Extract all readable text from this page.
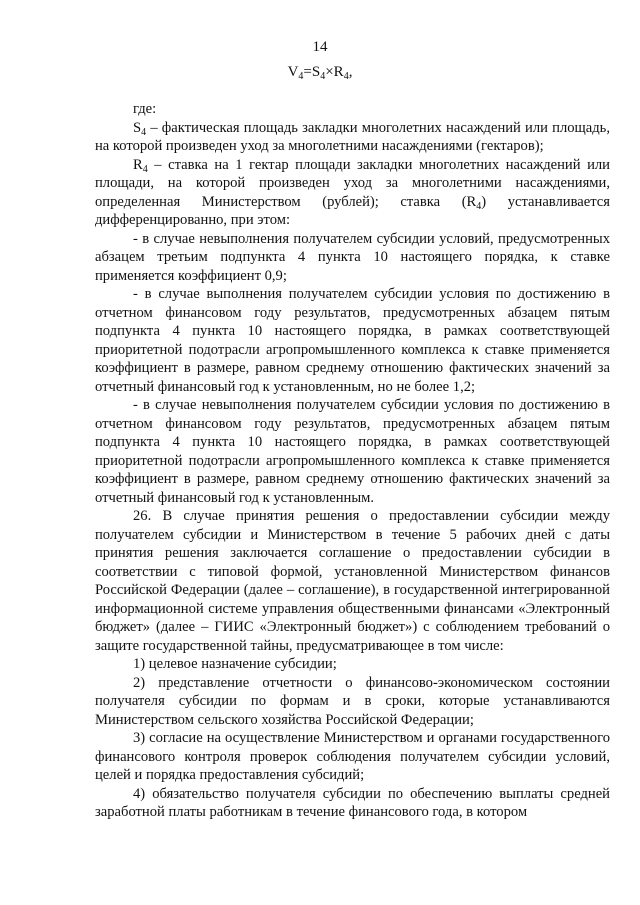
14
$V_4=S_4\times R_4$,

где:

$S_4$ – фактическая площадь закладки многолетних насаждений или площадь, на которой произведен уход за многолетними насаждениями (гектаров);

$R_4$ – ставка на 1 гектар площади закладки многолетних насаждений или площади, на которой произведен уход за многолетними насаждениями, определенная Министерством (рублей); ставка $(R_4)$ устанавливается дифференцированно, при этом:

- в случае невыполнения получателем субсидии условий, предусмотренных абзацем третьим подпункта 4 пункта 10 настоящего порядка, к ставке применяется коэффициент 0,9;

- в случае выполнения получателем субсидии условия по достижению в отчетном финансовом году результатов, предусмотренных абзацем пятым подпункта 4 пункта 10 настоящего порядка, в рамках соответствующей приоритетной подотрасли агропромышленного комплекса к ставке применяется коэффициент в размере, равном среднему отношению фактических значений за отчетный финансовый год к установленным, но не более 1,2;

- в случае невыполнения получателем субсидии условия по достижению в отчетном финансовом году результатов, предусмотренных абзацем пятым подпункта 4 пункта 10 настоящего порядка, в рамках соответствующей приоритетной подотрасли агропромышленного комплекса к ставке применяется коэффициент в размере, равном среднему отношению фактических значений за отчетный финансовый год к установленным.

26. В случае принятия решения о предоставлении субсидии между получателем субсидии и Министерством в течение 5 рабочих дней с даты принятия решения заключается соглашение о предоставлении субсидии в соответствии с типовой формой, установленной Министерством финансов Российской Федерации (далее – соглашение), в государственной интегрированной информационной системе управления общественными финансами «Электронный бюджет» (далее – ГИИС «Электронный бюджет») с соблюдением требований о защите государственной тайны, предусматривающее в том числе:

1) целевое назначение субсидии;

2) представление отчетности о финансово-экономическом состоянии получателя субсидии по формам и в сроки, которые устанавливаются Министерством сельского хозяйства Российской Федерации;

3) согласие на осуществление Министерством и органами государственного финансового контроля проверок соблюдения получателем субсидии условий, целей и порядка предоставления субсидий;

4) обязательство получателя субсидии по обеспечению выплаты средней заработной платы работникам в течение финансового года, в котором
